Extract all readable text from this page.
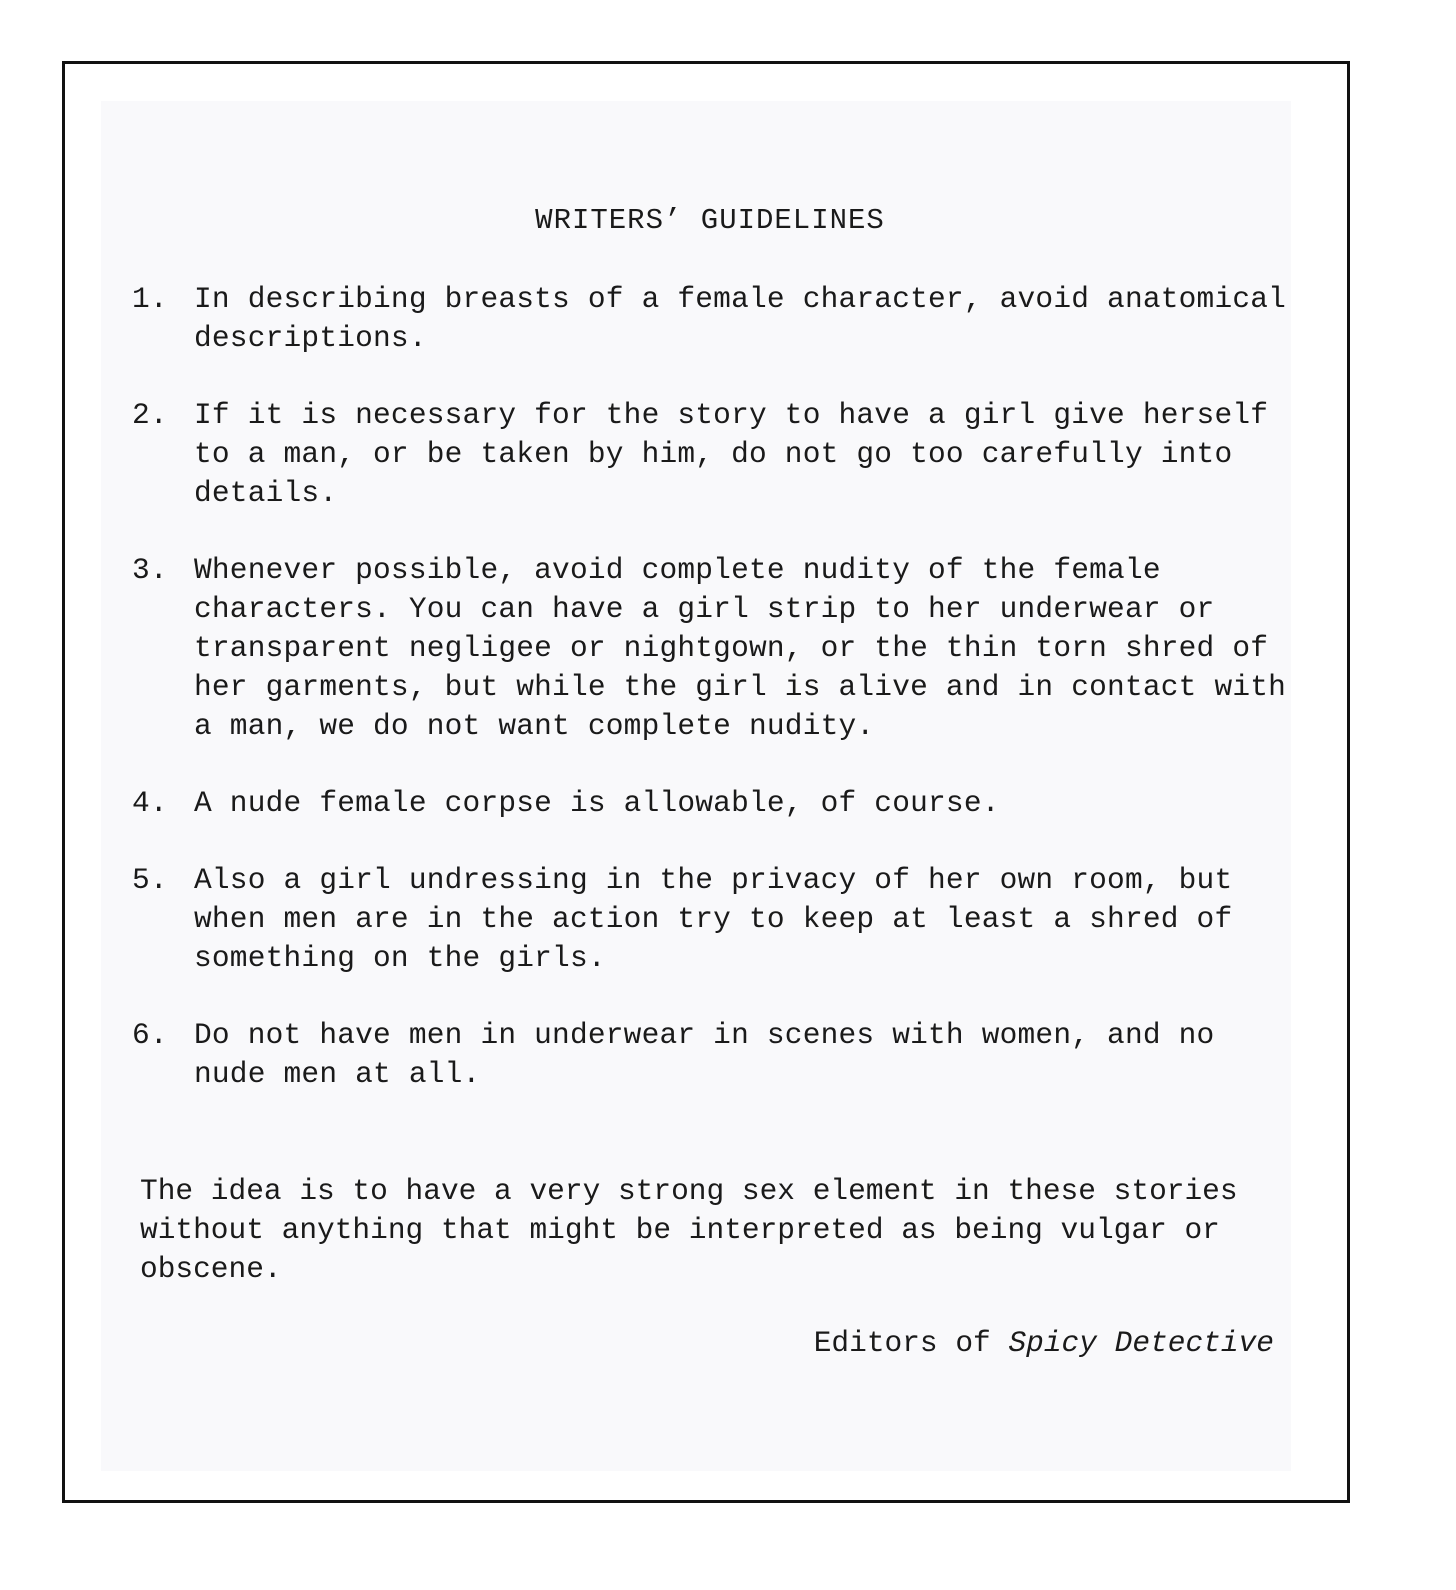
WRITERS’ GUIDELINES
1. In describing breasts of a female character, avoid anatomical descriptions.
2. If it is necessary for the story to have a girl give herself to a man, or be taken by him, do not go too carefully into details.
3. Whenever possible, avoid complete nudity of the female characters. You can have a girl strip to her underwear or transparent negligee or nightgown, or the thin torn shred of her garments, but while the girl is alive and in contact with a man, we do not want complete nudity.
4. A nude female corpse is allowable, of course.
5. Also a girl undressing in the privacy of her own room, but when men are in the action try to keep at least a shred of something on the girls.
6. Do not have men in underwear in scenes with women, and no nude men at all.

The idea is to have a very strong sex element in these stories without anything that might be interpreted as being vulgar or obscene.

Editors of Spicy Detective
